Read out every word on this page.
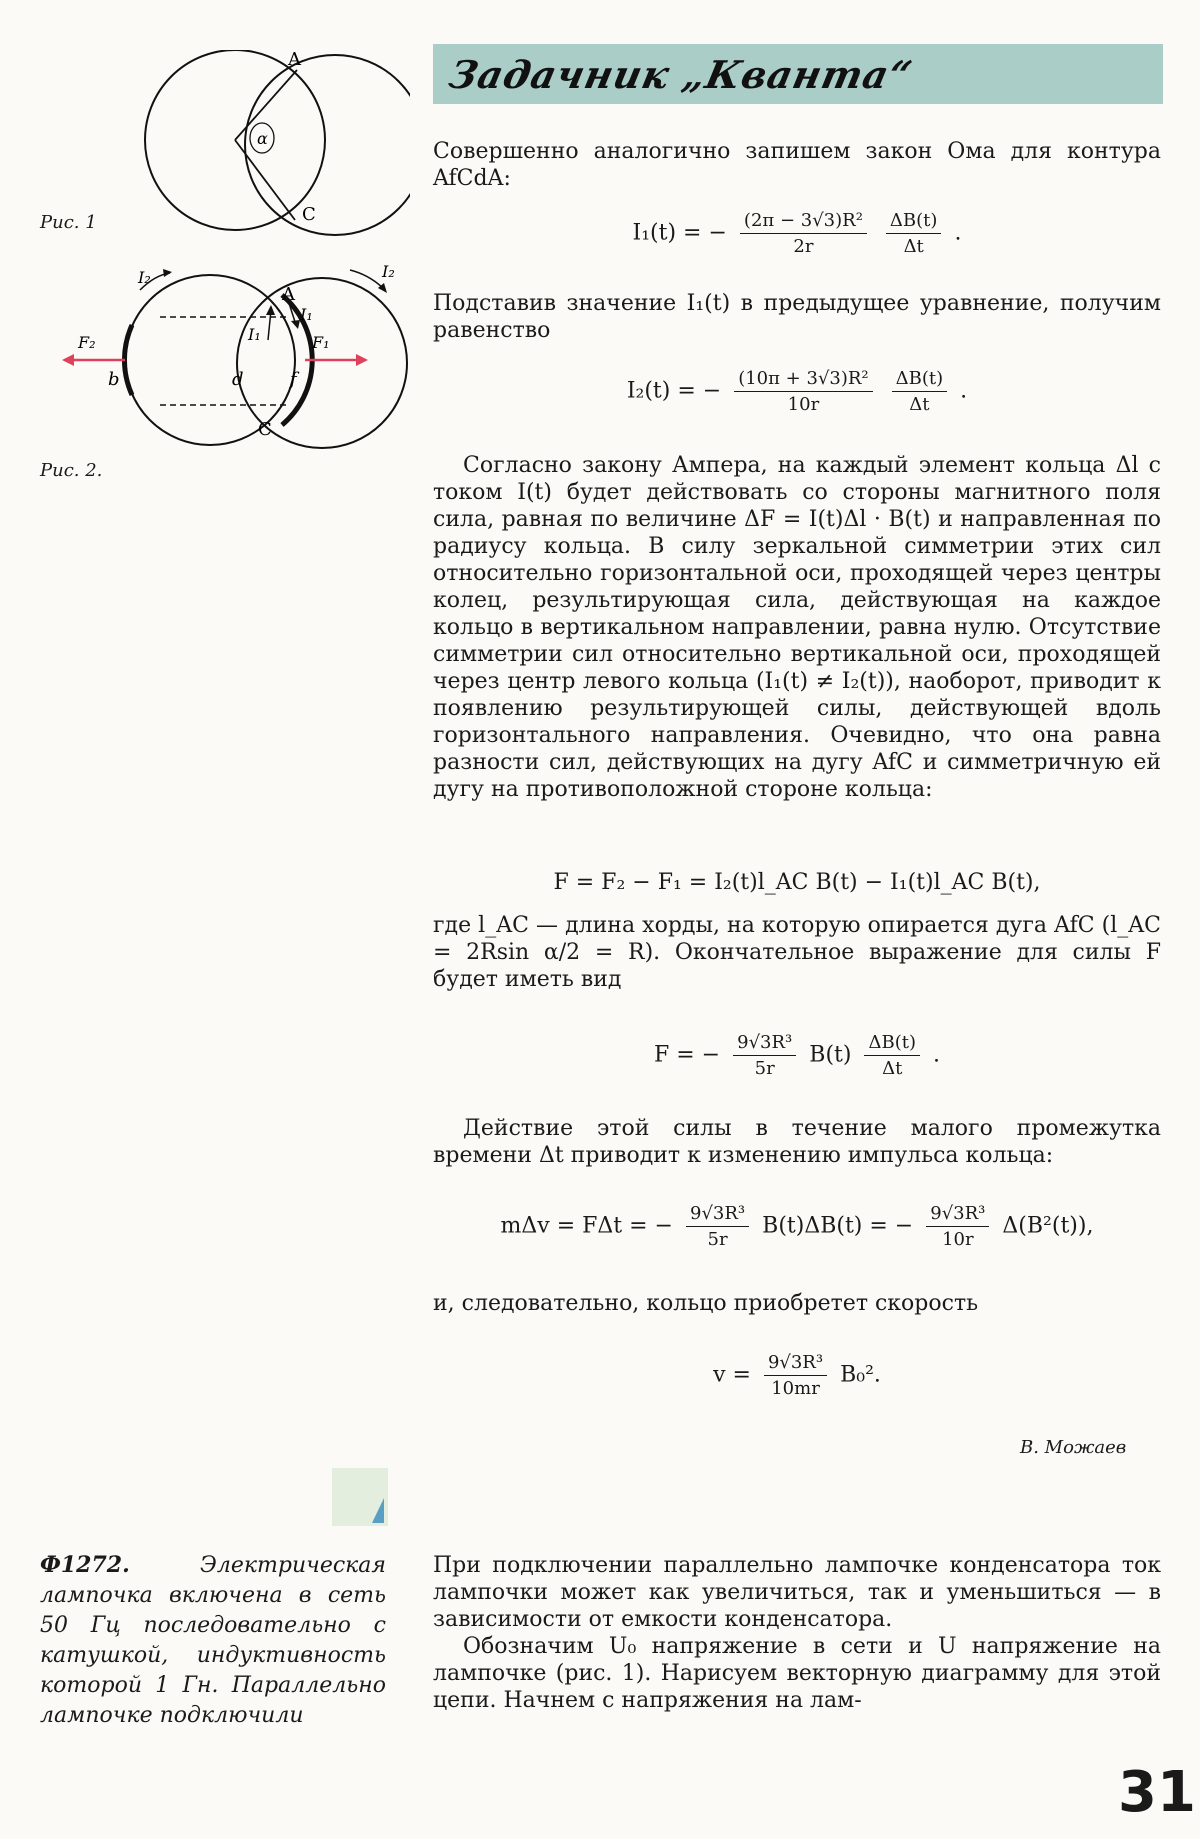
Задачник „Кванта“
α
A
C
Рис. 1
I₂	I₂
A
I₁
I₁
F₂	F₁
b	d	f
C
Рис. 2.
Совершенно аналогично запишем закон Ома для контура AfCdA:
I₁(t) = − $\frac{\text{(2π − 3√3)R²}}{2r}$
$\frac{\Delta B(t)}{\Delta t}$ .
Подставив значение I₁(t) в предыдущее уравнение, получим равенство
I₂(t) = − $\frac{\text{(10π + 3√3)R²}}{10r}$
$\frac{\Delta B(t)}{\Delta t}$ .
Согласно закону Ампера, на каждый элемент кольца Δl с током I(t) будет действовать со стороны магнитного поля сила, равная по величине ΔF = I(t)Δl · B(t) и направленная по радиусу кольца. В силу зеркальной симметрии этих сил относительно горизонтальной оси, проходящей через центры колец, результирующая сила, действующая на каждое кольцо в вертикальном направлении, равна нулю. Отсутствие симметрии сил относительно вертикальной оси, проходящей через центр левого кольца (I₁(t) ≠ I₂(t)), наоборот, приводит к появлению результирующей силы, действующей вдоль горизонтального направления. Очевидно, что она равна разности сил, действующих на дугу AfC и симметричную ей дугу на противоположной стороне кольца:
F = F₂ − F₁ = I₂(t)l_AC B(t) − I₁(t)l_AC B(t),
где l_AC — длина хорды, на которую опирается дуга AfC (l_AC = 2Rsin α/2 = R). Окончательное выражение для силы F будет иметь вид
F = − $\frac{\text{9√3R³}}{5r} B(t) \frac{\Delta B(t)}{\Delta t}$ .
Действие этой силы в течение малого промежутка времени Δt приводит к изменению импульса кольца:
mΔv = FΔt = − $\frac{\text{9√3R³}}{5r} B(t)\Delta B(t)$ = − $\frac{\text{9√3R³}}{10r} \Delta(B^2(t))$,
и, следовательно, кольцо приобретет скорость
$v = \frac{\text{9√3R³}}{10mr} B_0^2$.
В. Можаев
Ф1272.	Электрическая лампочка включена в сеть 50 Гц последовательно с катушкой, индуктивность которой 1 Гн. Параллельно лампочке подключили
При подключении параллельно лампочке конденсатора ток лампочки может как увеличиться, так и уменьшиться — в зависимости от емкости конденсатора.
Обозначим U₀ напряжение в сети и U напряжение на лампочке (рис. 1). Нарисуем векторную диаграмму для этой цепи. Начнем с напряжения на лам-
31
